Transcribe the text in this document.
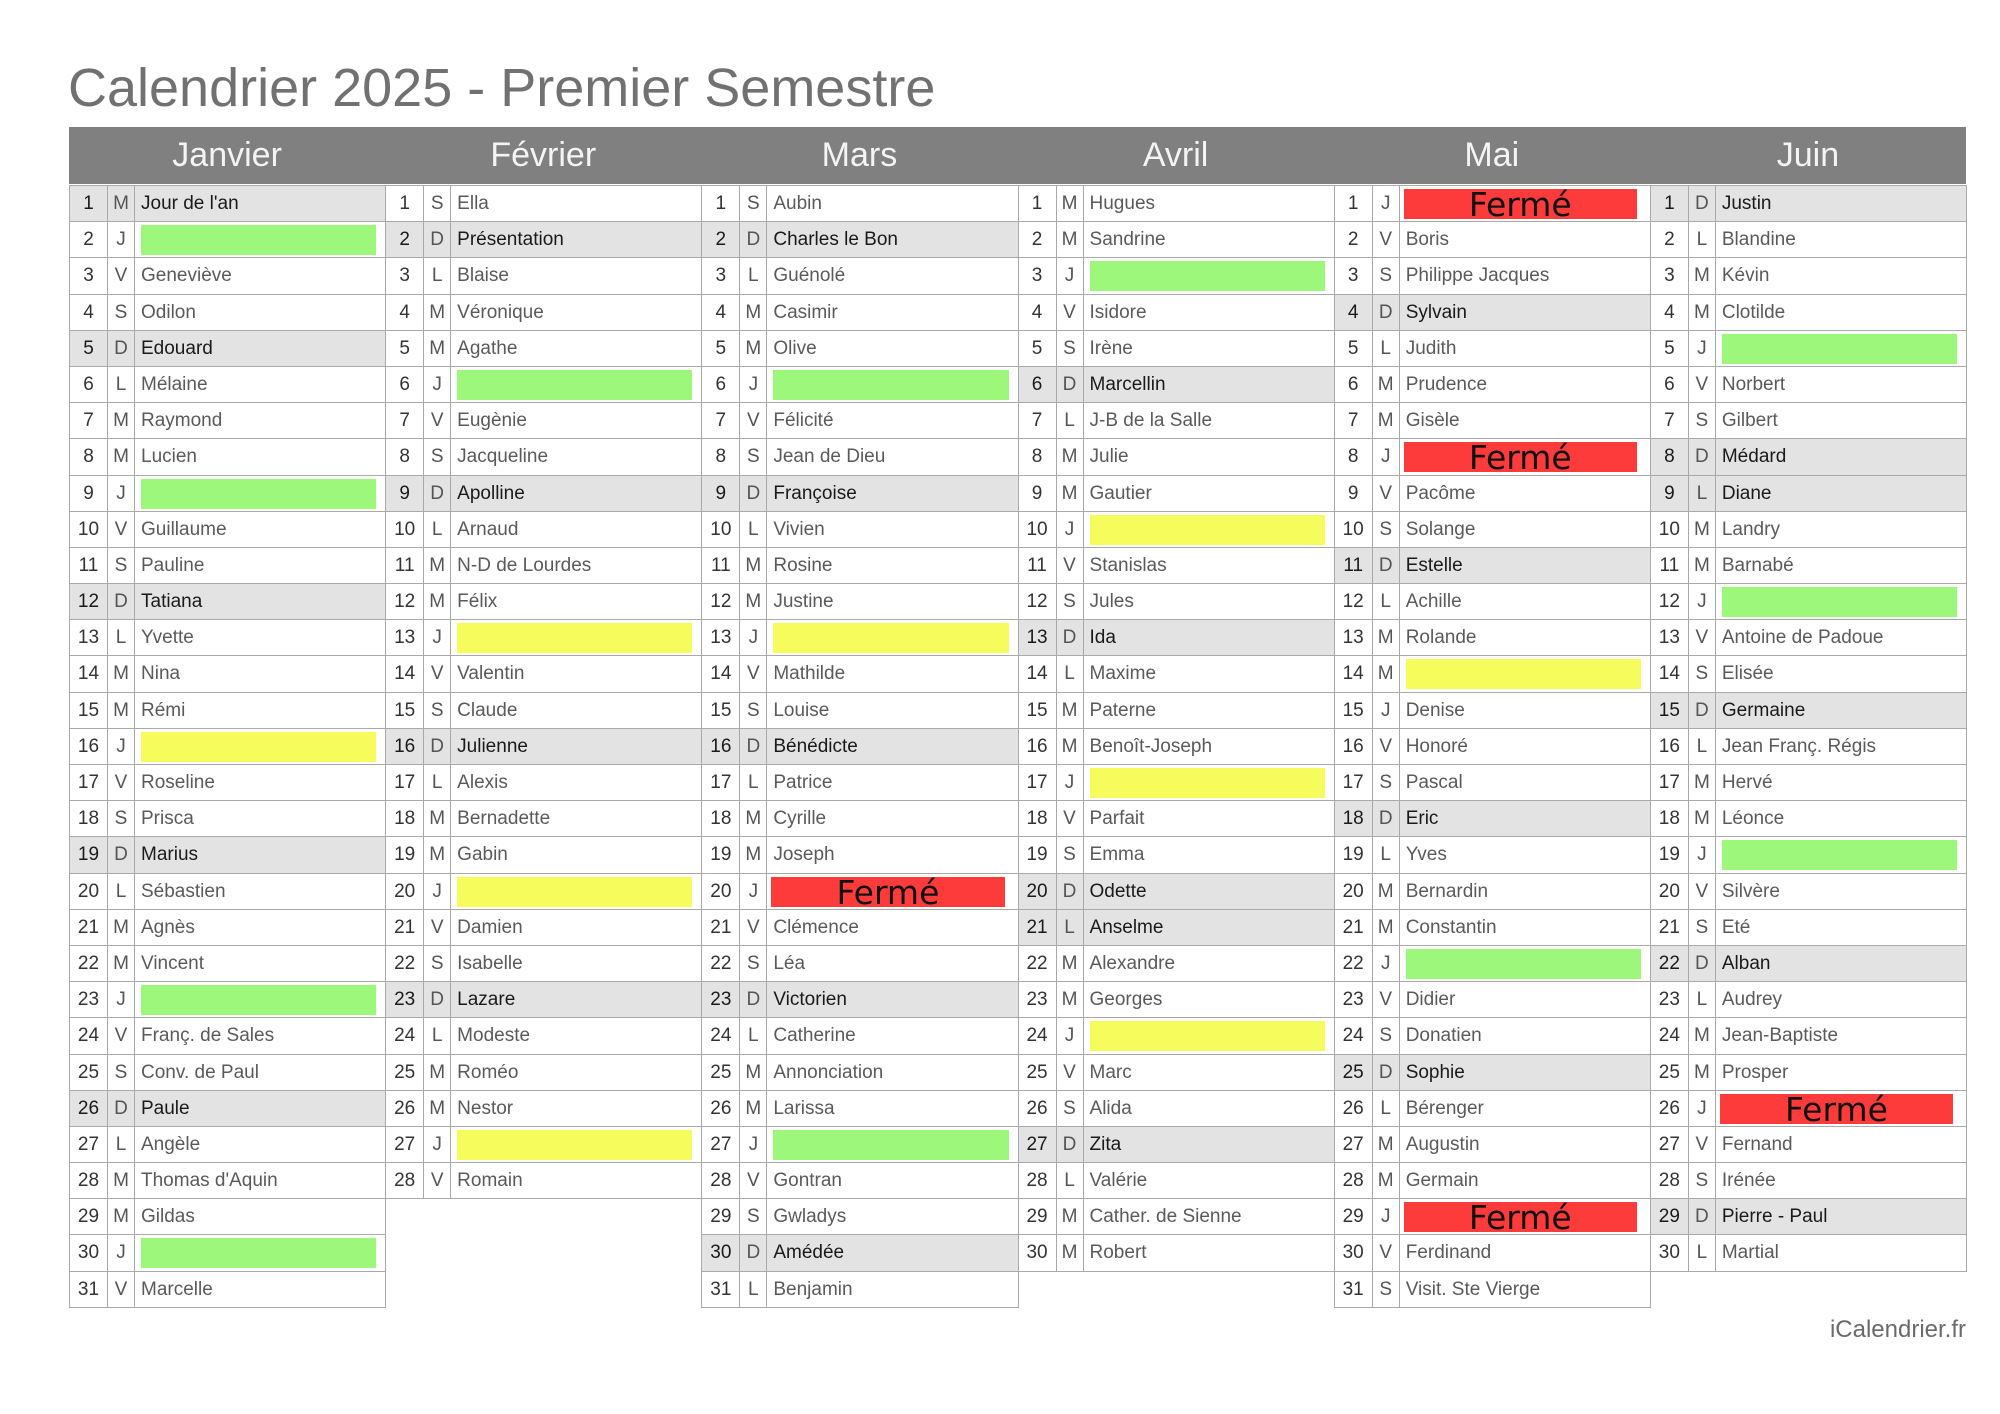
Calendrier 2025 - Premier Semestre
Janvier	Février	Mars	Avril	Mai	Juin
1	M Jour de l'an
2	J
3	V Geneviève
4	S Odilon
5	D Edouard
6	L Mélaine
7	M Raymond
8	M Lucien
9	J
10 V Guillaume
11 S Pauline
12 D Tatiana
13 L Yvette
14 M Nina
15 M Rémi
16 J
17 V Roseline
18 S Prisca
19 D Marius
20 L Sébastien
21 M Agnès
22 M Vincent
23 J
24 V Franç. de Sales
25 S Conv. de Paul
26 D Paule
27 L Angèle
28 M Thomas d'Aquin
29 M Gildas
30 J
31 V Marcelle
1	S Ella
2	D Présentation
3	L Blaise
4	M Véronique
5	M Agathe
6	J
7	V Eugènie
8	S Jacqueline
9	D Apolline
10 L Arnaud
11 M N-D de Lourdes
12 M Félix
13 J
14 V Valentin
15 S Claude
16 D Julienne
17 L Alexis
18 M Bernadette
19 M Gabin
20 J
21 V Damien
22 S Isabelle
23 D Lazare
24 L Modeste
25 M Roméo
26 M Nestor
27 J
28 V Romain
1	S Aubin
2	D Charles le Bon
3	L Guénolé
4	M Casimir
5	M Olive
6	J
7	V Félicité
8	S Jean de Dieu
9	D Françoise
10 L Vivien
11 M Rosine
12 M Justine
13 J
14 V Mathilde
15 S Louise
16 D Bénédicte
17 L Patrice
18 M Cyrille
19 M Joseph
20 J	Fermé
21 V Clémence
22 S Léa
23 D Victorien
24 L Catherine
25 M Annonciation
26 M Larissa
27 J
28 V Gontran
29 S Gwladys
30 D Amédée
31 L Benjamin
1	M Hugues
2	M Sandrine
3	J
4	V Isidore
5	S Irène
6	D Marcellin
7	L J-B de la Salle
8	M Julie
9	M Gautier
10 J
11 V Stanislas
12 S Jules
13 D Ida
14 L Maxime
15 M Paterne
16 M Benoît-Joseph
17 J
18 V Parfait
19 S Emma
20 D Odette
21 L Anselme
22 M Alexandre
23 M Georges
24 J
25 V Marc
26 S Alida
27 D Zita
28 L Valérie
29 M Cather. de Sienne
30 M Robert
1	J	Fermé
2	V Boris
3	S Philippe Jacques
4	D Sylvain
5	L Judith
6	M Prudence
7	M Gisèle
8	J	Fermé
9	V Pacôme
10 S Solange
11 D Estelle
12 L Achille
13 M Rolande
14 M
15 J Denise
16 V Honoré
17 S Pascal
18 D Eric
19 L Yves
20 M Bernardin
21 M Constantin
22 J
23 V Didier
24 S Donatien
25 D Sophie
26 L Bérenger
27 M Augustin
28 M Germain
29 J	Fermé
30 V Ferdinand
31 S Visit. Ste Vierge
1	D Justin
2	L Blandine
3	M Kévin
4	M Clotilde
5	J
6	V Norbert
7	S Gilbert
8	D Médard
9	L Diane
10 M Landry
11 M Barnabé
12 J
13 V Antoine de Padoue
14 S Elisée
15 D Germaine
16 L Jean Franç. Régis
17 M Hervé
18 M Léonce
19 J
20 V Silvère
21 S Eté
22 D Alban
23 L Audrey
24 M Jean-Baptiste
25 M Prosper
26 J	Fermé
27 V Fernand
28 S Irénée
29 D Pierre - Paul
30 L Martial
iCalendrier.fr
